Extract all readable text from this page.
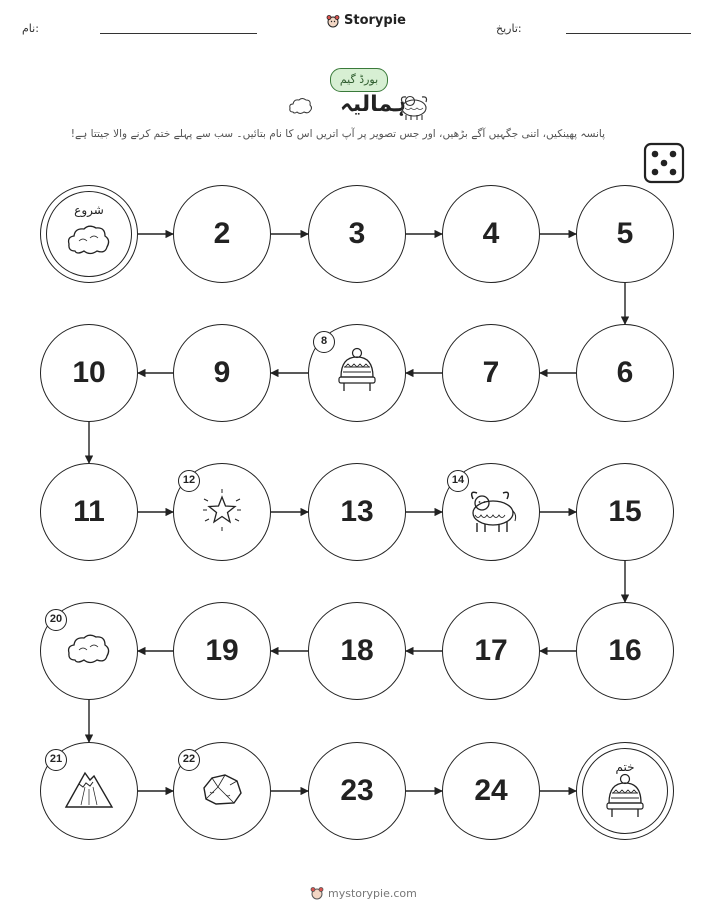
نام:
Storypie
تاریخ:
بورڈ گیم
ہمالیہ
پانسہ پھینکیں، اتنی جگہیں آگے بڑھیں، اور جس تصویر پر آپ اتریں اس کا نام بتائیں۔ سب سے پہلے ختم کرنے والا جیتتا ہے!
شروع
2	3	4	5
6
7
8
9
10
11
12
13
14
15
16
17
18
19
20
21	22
23	24
ختم
mystorypie.com
